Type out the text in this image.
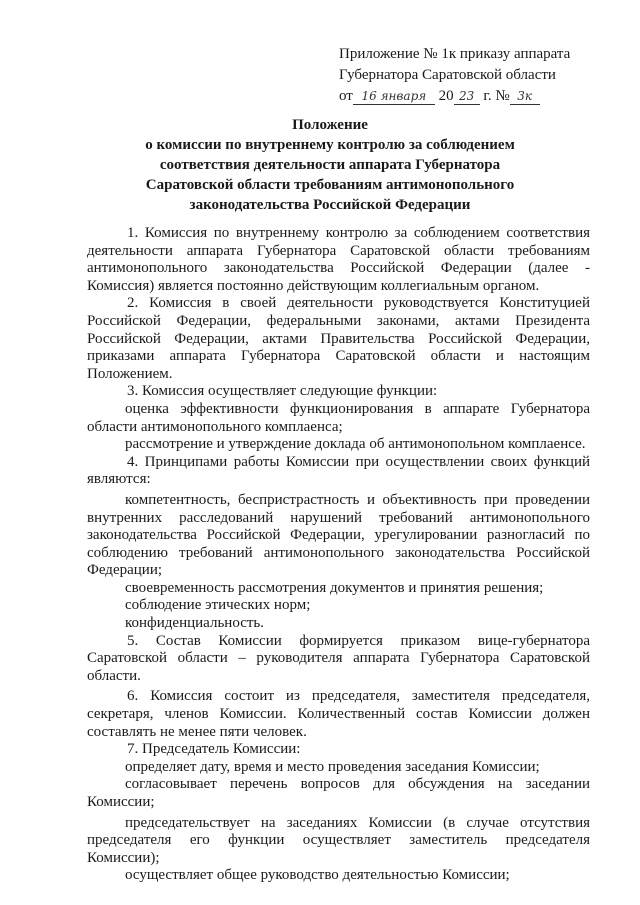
Приложение № 1к приказу аппарата
Губернатора Саратовской области
от 16 января 20 23 г. № 3к
Положение
о комиссии по внутреннему контролю за соблюдением
соответствия деятельности аппарата Губернатора
Саратовской области требованиям антимонопольного
законодательства Российской Федерации

1. Комиссия по внутреннему контролю за соблюдением соответствия деятельности аппарата Губернатора Саратовской области требованиям антимонопольного законодательства Российской Федерации (далее - Комиссия) является постоянно действующим коллегиальным органом.

2. Комиссия в своей деятельности руководствуется Конституцией Российской Федерации, федеральными законами, актами Президента Российской Федерации, актами Правительства Российской Федерации, приказами аппарата Губернатора Саратовской области и настоящим Положением.

3. Комиссия осуществляет следующие функции:

оценка эффективности функционирования в аппарате Губернатора области антимонопольного комплаенса;

рассмотрение и утверждение доклада об антимонопольном комплаенсе.

4. Принципами работы Комиссии при осуществлении своих функций являются:

компетентность, беспристрастность и объективность при проведении внутренних расследований нарушений требований антимонопольного законодательства Российской Федерации, урегулировании разногласий по соблюдению требований антимонопольного законодательства Российской Федерации;

своевременность рассмотрения документов и принятия решения;

соблюдение этических норм;

конфиденциальность.

5. Состав Комиссии формируется приказом вице-губернатора Саратовской области – руководителя аппарата Губернатора Саратовской области.

6. Комиссия состоит из председателя, заместителя председателя, секретаря, членов Комиссии. Количественный состав Комиссии должен составлять не менее пяти человек.

7. Председатель Комиссии:

определяет дату, время и место проведения заседания Комиссии;

согласовывает перечень вопросов для обсуждения на заседании Комиссии;

председательствует на заседаниях Комиссии (в случае отсутствия председателя его функции осуществляет заместитель председателя Комиссии);

осуществляет общее руководство деятельностью Комиссии;
